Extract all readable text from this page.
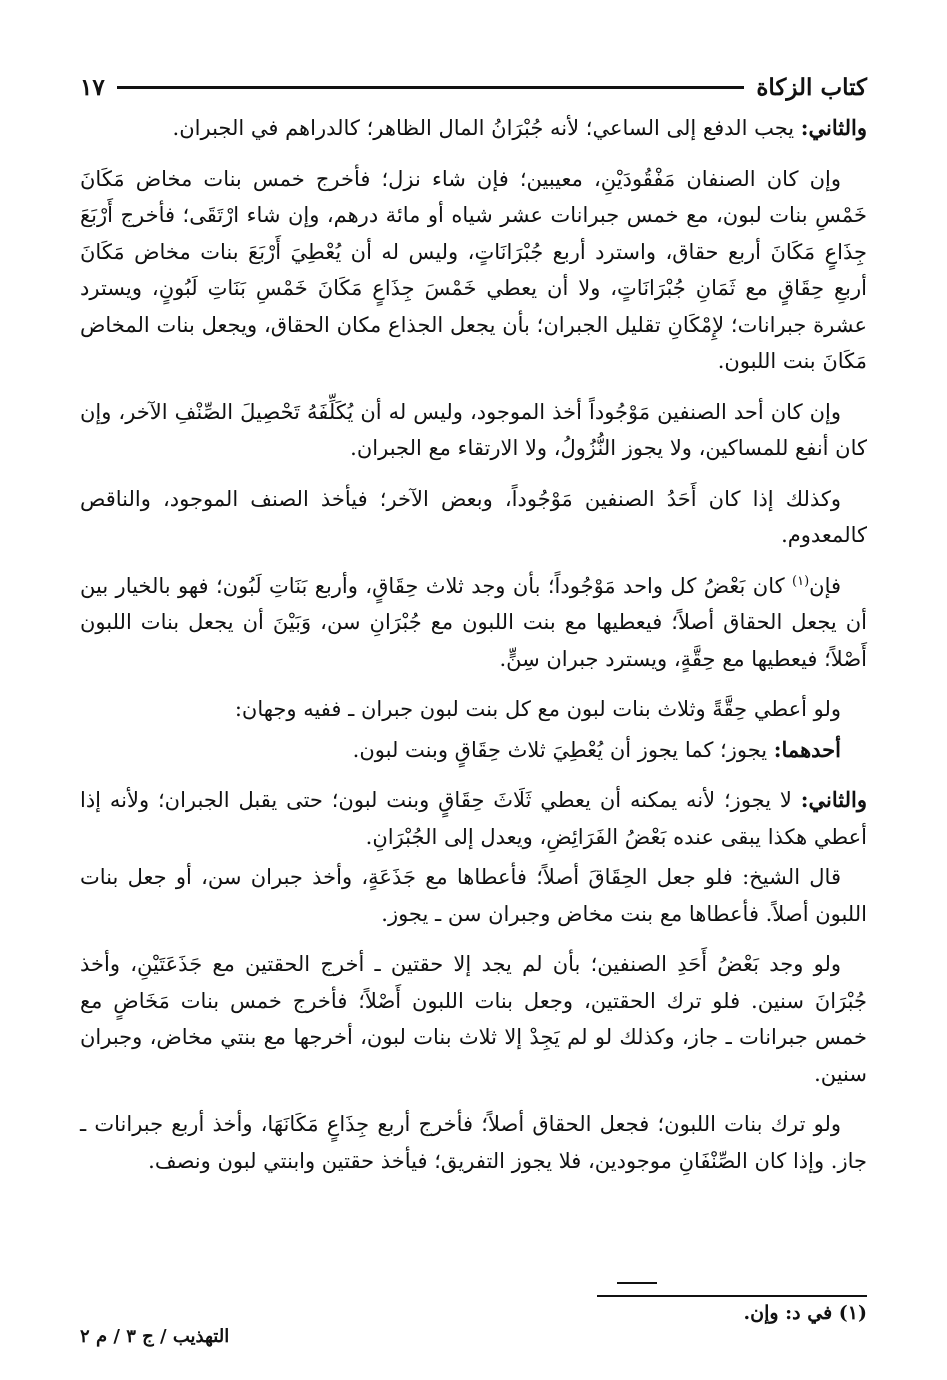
كتاب الزكاة
١٧

والثاني: يجب الدفع إلى الساعي؛ لأنه جُبْرَانُ المال الظاهر؛ كالدراهم في الجبران.

وإن كان الصنفان مَفْقُودَيْنِ، معيبين؛ فإن شاء نزل؛ فأخرج خمس بنات مخاض مَكَانَ خَمْسِ بنات لبون، مع خمس جبرانات عشر شياه أو مائة درهم، وإن شاء ارْتَقَى؛ فأخرج أَرْبَعَ جِذَاعٍ مَكَانَ أربع حقاق، واسترد أربع جُبْرَانَاتٍ، وليس له أن يُعْطِيَ أَرْبَعَ بنات مخاض مَكَانَ أربعِ حِقَاقٍ مع ثَمَانِ جُبْرَانَاتٍ، ولا أن يعطي خَمْسَ جِذَاعٍ مَكَانَ خَمْسِ بَنَاتِ لَبُونٍ، ويسترد عشرة جبرانات؛ لإِمْكَانِ تقليل الجبران؛ بأن يجعل الجذاع مكان الحقاق، ويجعل بنات المخاض مَكَانَ بنت اللبون.

وإن كان أحد الصنفين مَوْجُوداً أخذ الموجود، وليس له أن يُكَلِّفَهُ تَحْصِيلَ الصِّنْفِ الآخر، وإن كان أنفع للمساكين، ولا يجوز النُّزُولُ، ولا الارتقاء مع الجبران.

وكذلك إذا كان أَحَدُ الصنفين مَوْجُوداً، وبعض الآخر؛ فيأخذ الصنف الموجود، والناقص كالمعدوم.

فإن$^{(١)}$ كان بَعْضُ كل واحد مَوْجُوداً؛ بأن وجد ثلاث حِقَاقٍ، وأربع بَنَاتِ لَبُون؛ فهو بالخيار بين أن يجعل الحقاق أصلاً؛ فيعطيها مع بنت اللبون مع جُبْرَانِ سن، وَبَيْنَ أن يجعل بنات اللبون أَصْلاً؛ فيعطيها مع حِقَّةٍ، ويسترد جبران سِنٍّ.

ولو أعطي حِقَّةً وثلاث بنات لبون مع كل بنت لبون جبران ـ ففيه وجهان:

أحدهما: يجوز؛ كما يجوز أن يُعْطِيَ ثلاث حِقَاقٍ وبنت لبون.

والثاني: لا يجوز؛ لأنه يمكنه أن يعطي ثَلَاثَ حِقَاقٍ وبنت لبون؛ حتى يقبل الجبران؛ ولأنه إذا أعطي هكذا يبقى عنده بَعْضُ الفَرَائِضِ، ويعدل إلى الجُبْرَانِ.

قال الشيخ: فلو جعل الحِقَاقَ أصلاً؛ فأعطاها مع جَذَعَةٍ، وأخذ جبران سن، أو جعل بنات اللبون أصلاً. فأعطاها مع بنت مخاض وجبران سن ـ يجوز.

ولو وجد بَعْضُ أَحَدِ الصنفين؛ بأن لم يجد إلا حقتين ـ أخرج الحقتين مع جَذَعَتَيْنِ، وأخذ جُبْرَانَ سنين. فلو ترك الحقتين، وجعل بنات اللبون أَصْلاً؛ فأخرج خمس بنات مَخَاضٍ مع خمس جبرانات ـ جاز، وكذلك لو لم يَجِدْ إلا ثلاث بنات لبون، أخرجها مع بنتي مخاض، وجبران سنين.

ولو ترك بنات اللبون؛ فجعل الحقاق أصلاً؛ فأخرج أربع جِذَاعٍ مَكَانَهَا، وأخذ أربع جبرانات ـ جاز. وإذا كان الصِّنْفَانِ موجودين، فلا يجوز التفريق؛ فيأخذ حقتين وابنتي لبون ونصف.

(١) في د: وإن.
التهذيب / ج ٣ / م ٢
